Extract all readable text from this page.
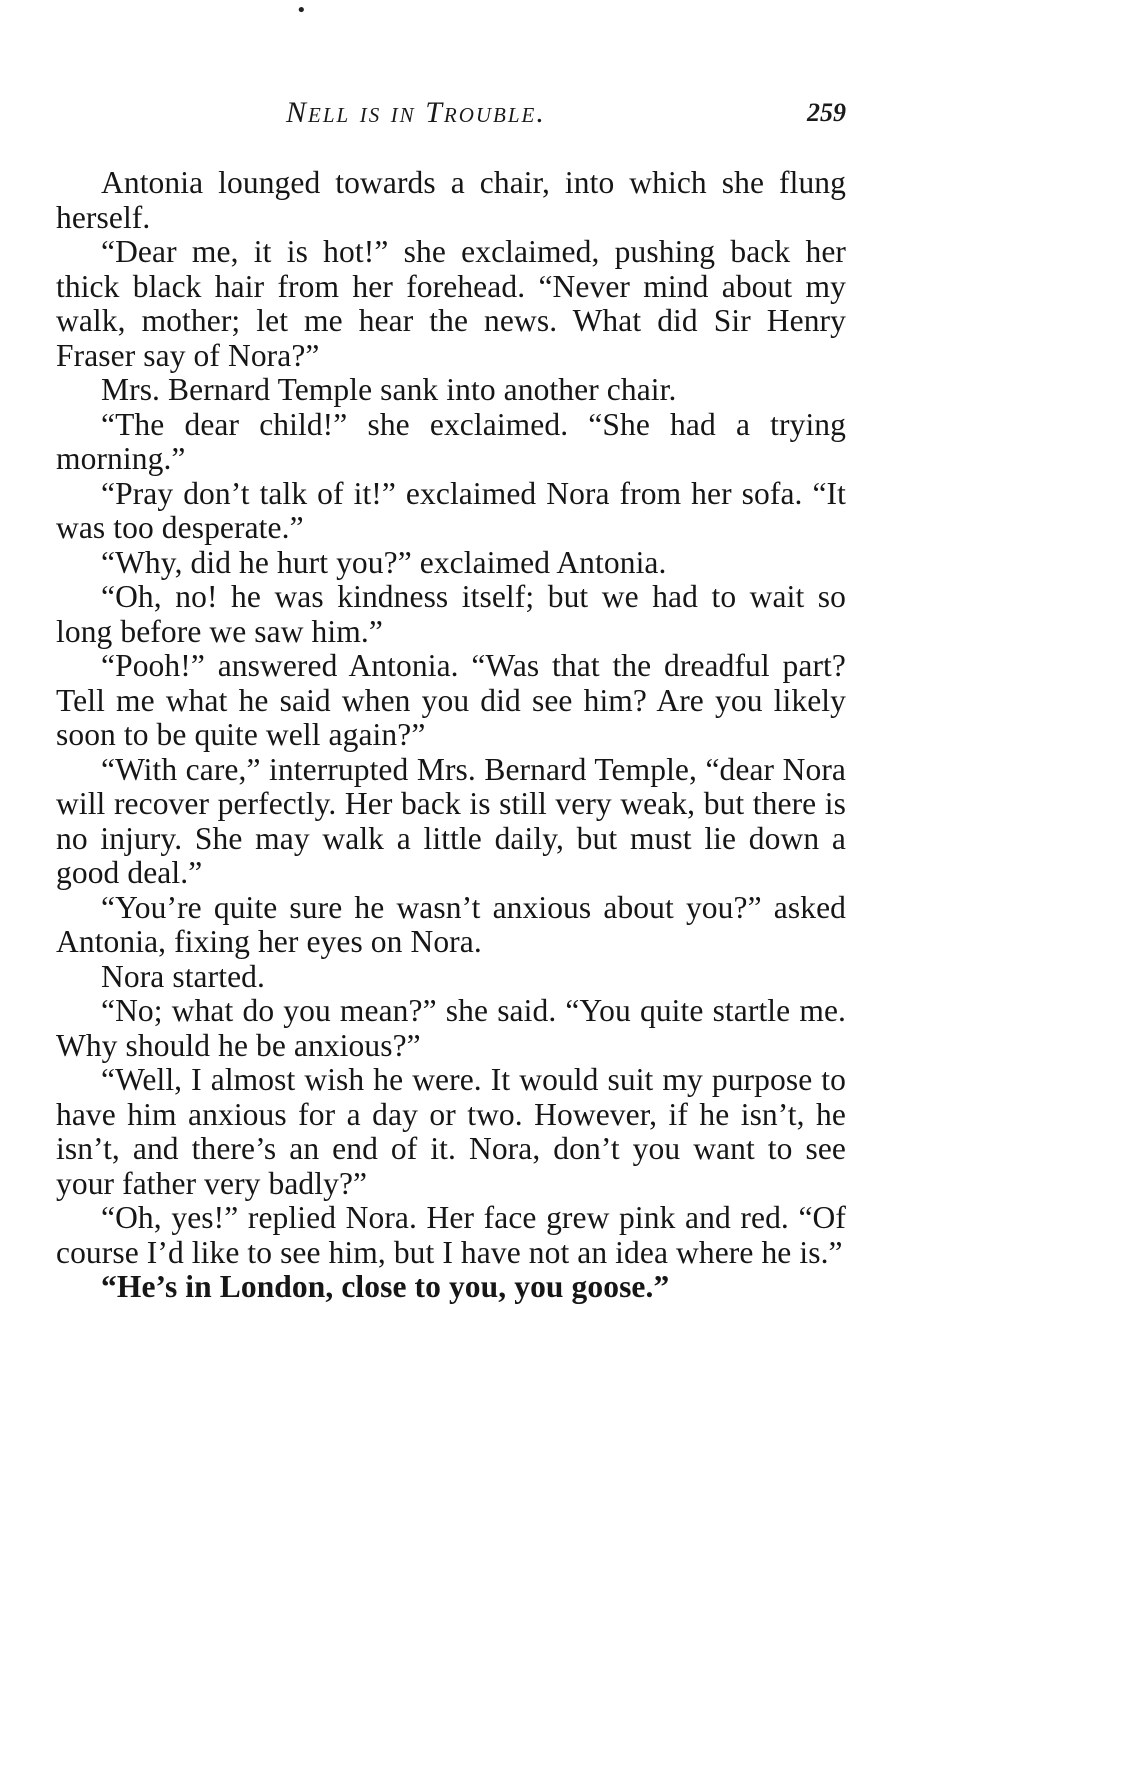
•
Nell is in Trouble.	259

Antonia lounged towards a chair, into which she flung herself.

“Dear me, it is hot!” she exclaimed, pushing back her thick black hair from her forehead. “Never mind about my walk, mother; let me hear the news. What did Sir Henry Fraser say of Nora?”

Mrs. Bernard Temple sank into another chair.

“The dear child!” she exclaimed. “She had a trying morning.”

“Pray don’t talk of it!” exclaimed Nora from her sofa. “It was too desperate.”

“Why, did he hurt you?” exclaimed Antonia.

“Oh, no! he was kindness itself; but we had to wait so long before we saw him.”

“Pooh!” answered Antonia. “Was that the dreadful part? Tell me what he said when you did see him? Are you likely soon to be quite well again?”

“With care,” interrupted Mrs. Bernard Temple, “dear Nora will recover perfectly. Her back is still very weak, but there is no injury. She may walk a little daily, but must lie down a good deal.”

“You’re quite sure he wasn’t anxious about you?” asked Antonia, fixing her eyes on Nora.

Nora started.

“No; what do you mean?” she said. “You quite startle me. Why should he be anxious?”

“Well, I almost wish he were. It would suit my purpose to have him anxious for a day or two. However, if he isn’t, he isn’t, and there’s an end of it. Nora, don’t you want to see your father very badly?”

“Oh, yes!” replied Nora. Her face grew pink and red. “Of course I’d like to see him, but I have not an idea where he is.”

“He’s in London, close to you, you goose.”
